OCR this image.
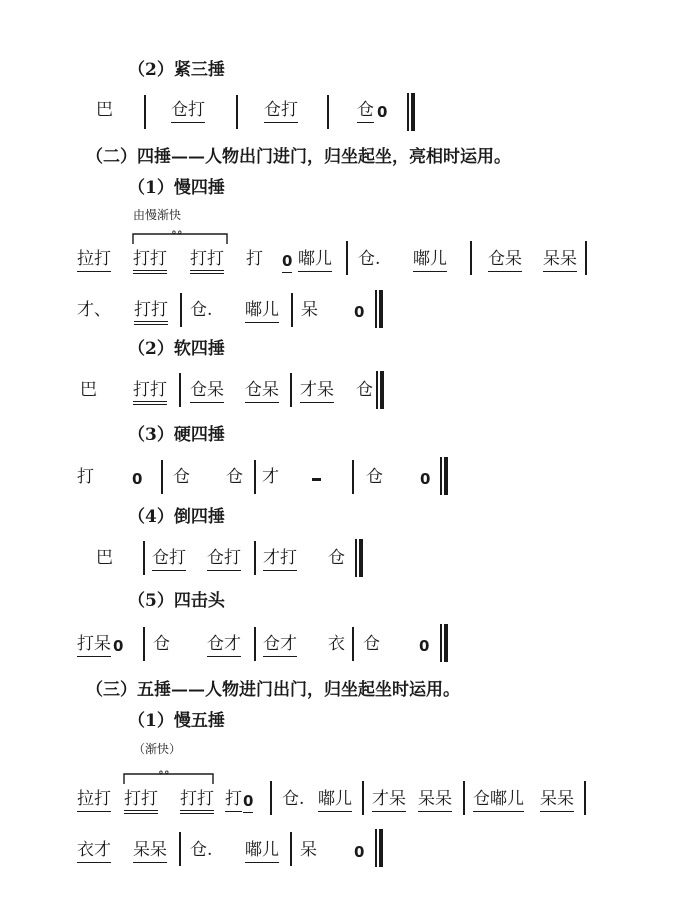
（2）紧三捶
巴	仓打	仓打	仓 0
（二）四捶——人物出门进门，归坐起坐，亮相时运用。
（1）慢四捶
由慢渐快
∘∘
拉打 打打 打打 打 0 嘟儿 仓. 嘟儿 仓呆 呆呆
才、 打打 仓. 嘟儿 呆 0
（2）软四捶
巴 打打 仓呆 仓呆 才呆 仓
（3）硬四捶
打	0 仓 仓 才	仓 0
（4）倒四捶
巴 仓打 仓打 才打 仓
（5）四击头
打呆 0 仓 仓才 仓才 衣 仓	0
（三）五捶——人物进门出门，归坐起坐时运用。
（1）慢五捶
（渐快）
∘∘
拉打 打打 打打 打 0 仓. 嘟儿 才呆 呆呆 仓嘟儿 呆呆
衣才 呆呆 仓. 嘟儿 呆 0
